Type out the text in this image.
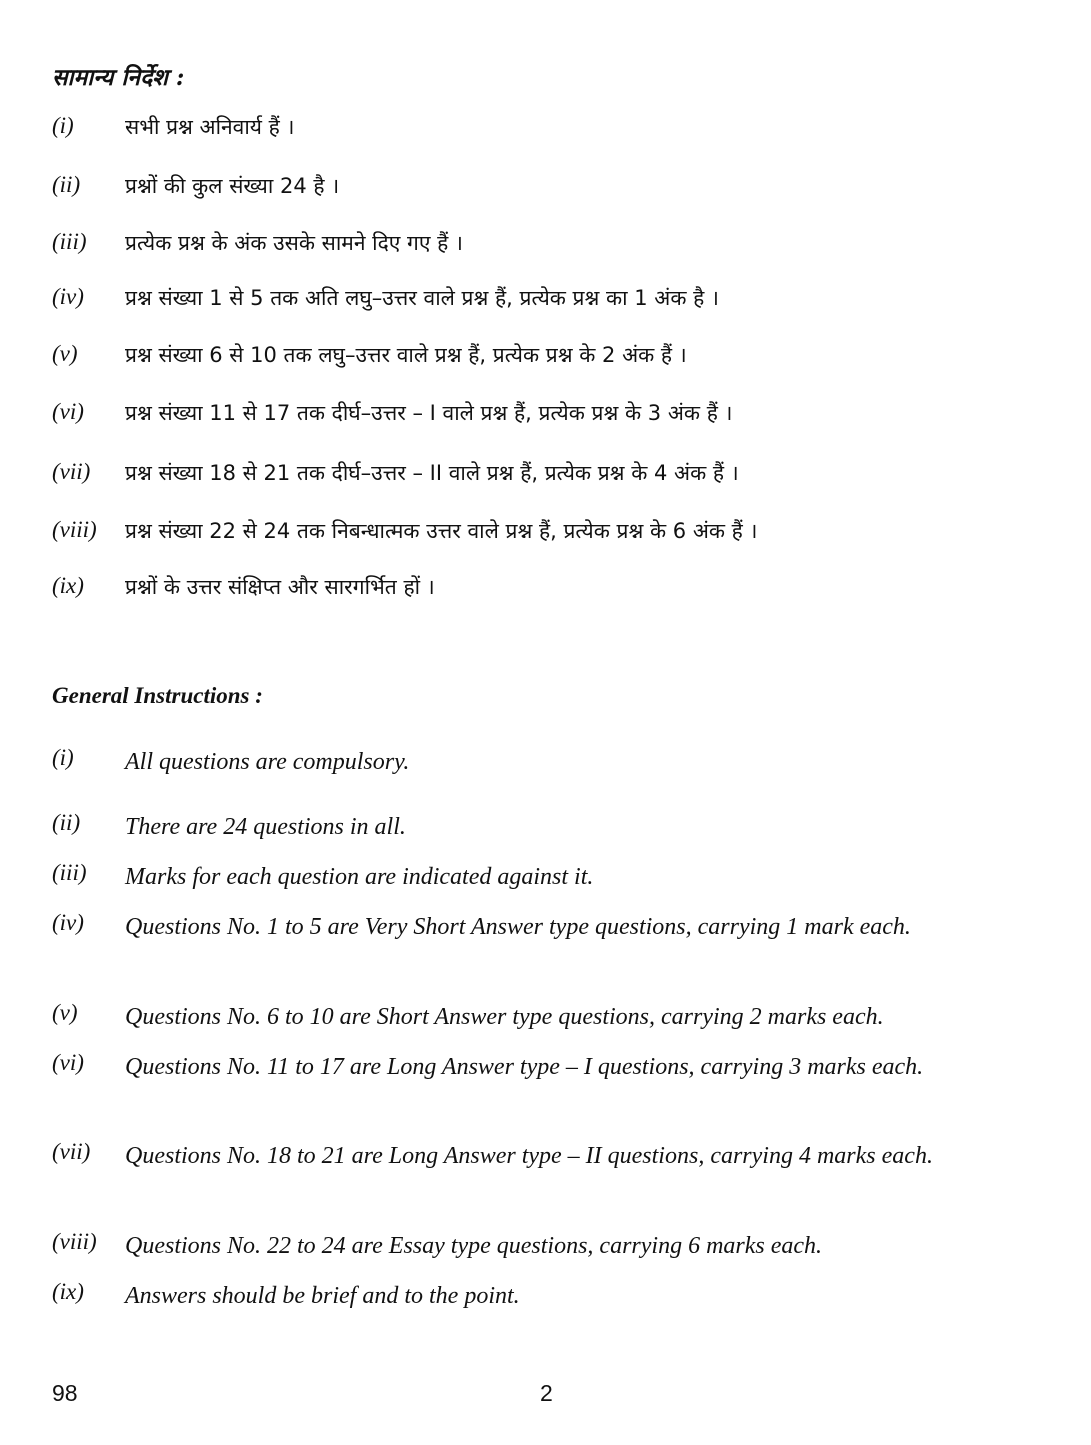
सामान्य निर्देश :
(i)	सभी प्रश्न अनिवार्य हैं ।
(ii)	प्रश्नों की कुल संख्या 24 है ।
(iii)	प्रत्येक प्रश्न के अंक उसके सामने दिए गए हैं ।
(iv)	प्रश्न संख्या 1 से 5 तक अति लघु–उत्तर वाले प्रश्न हैं, प्रत्येक प्रश्न का 1 अंक है ।
(v)	प्रश्न संख्या 6 से 10 तक लघु–उत्तर वाले प्रश्न हैं, प्रत्येक प्रश्न के 2 अंक हैं ।
(vi)	प्रश्न संख्या 11 से 17 तक दीर्घ–उत्तर – I वाले प्रश्न हैं, प्रत्येक प्रश्न के 3 अंक हैं ।
(vii)	प्रश्न संख्या 18 से 21 तक दीर्घ–उत्तर – II वाले प्रश्न हैं, प्रत्येक प्रश्न के 4 अंक हैं ।
(viii)	प्रश्न संख्या 22 से 24 तक निबन्धात्मक उत्तर वाले प्रश्न हैं, प्रत्येक प्रश्न के 6 अंक हैं ।
(ix)	प्रश्नों के उत्तर संक्षिप्त और सारगर्भित हों ।
General Instructions :
(i)	All questions are compulsory.
(ii)	There are 24 questions in all.
(iii)	Marks for each question are indicated against it.
(iv)	Questions No. 1 to 5 are Very Short Answer type questions, carrying 1 mark each.
(v)	Questions No. 6 to 10 are Short Answer type questions, carrying 2 marks each.
(vi)	Questions No. 11 to 17 are Long Answer type – I questions, carrying 3 marks each.
(vii)	Questions No. 18 to 21 are Long Answer type – II questions, carrying 4 marks each.
(viii)	Questions No. 22 to 24 are Essay type questions, carrying 6 marks each.
(ix)	Answers should be brief and to the point.
98	2
